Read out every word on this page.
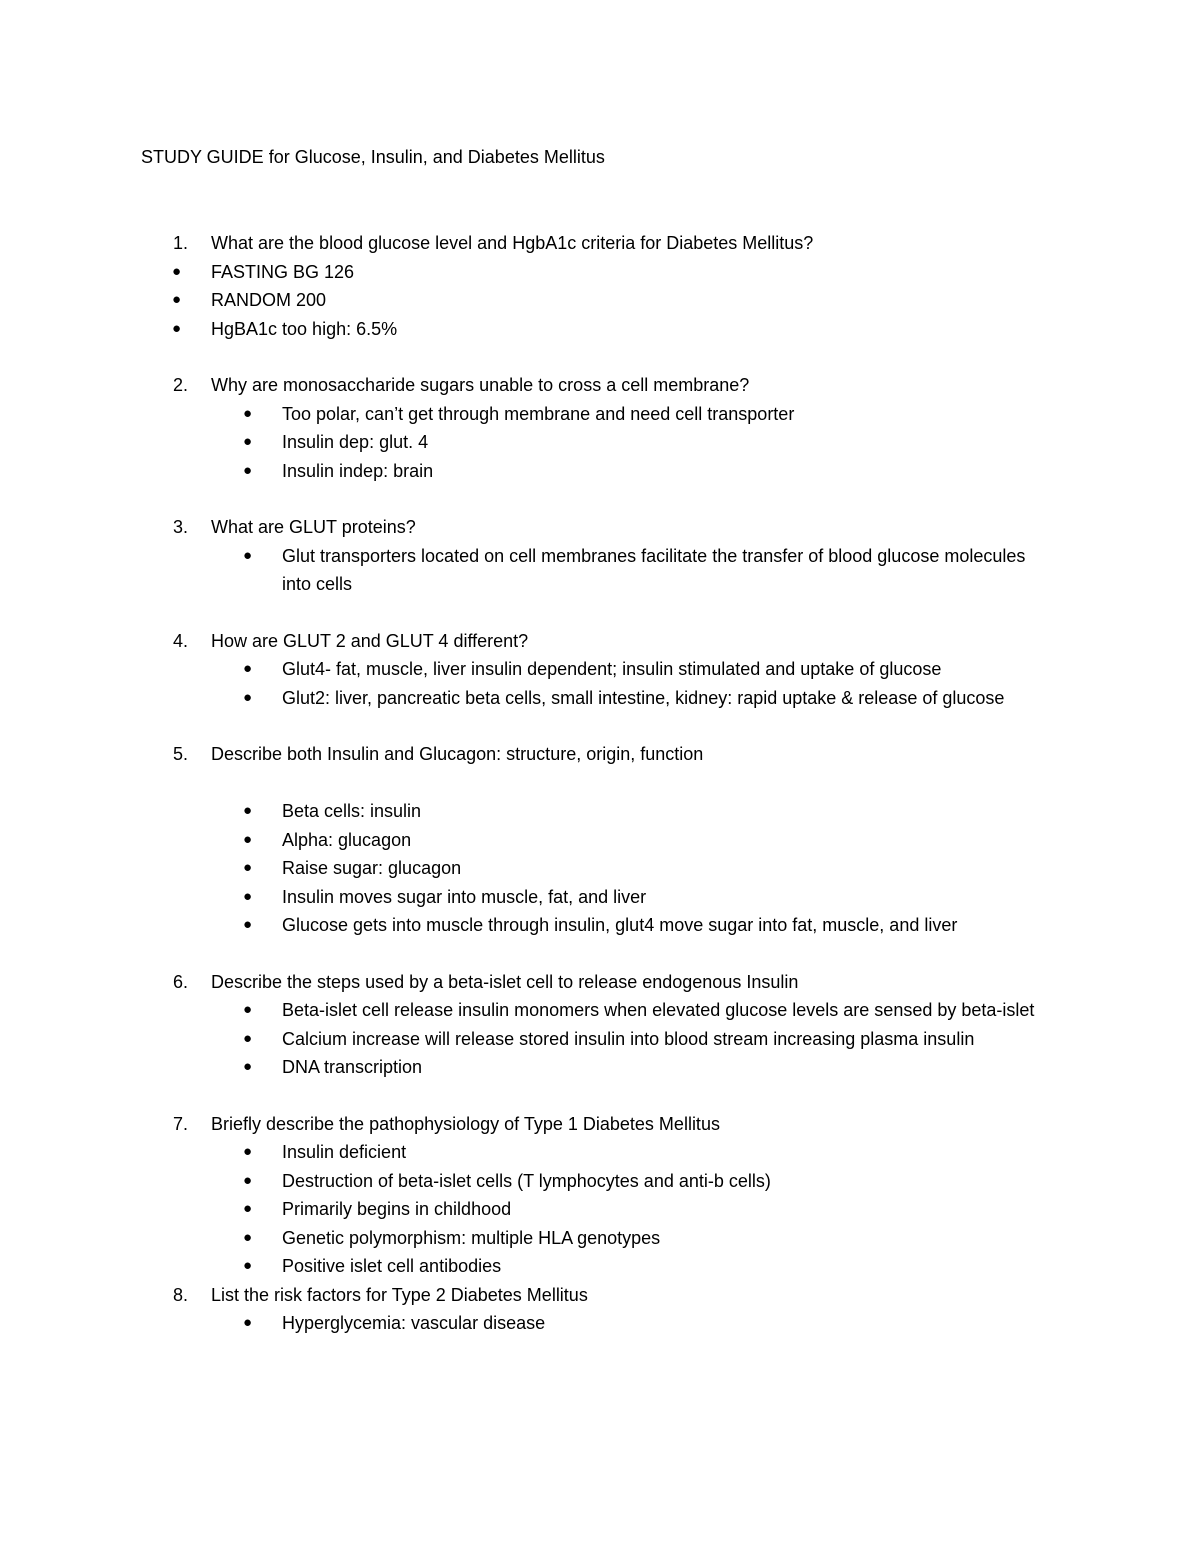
STUDY GUIDE for Glucose, Insulin, and Diabetes Mellitus
1. What are the blood glucose level and HgbA1c criteria for Diabetes Mellitus?
● FASTING BG 126
● RANDOM 200
● HgBA1c too high: 6.5%
2. Why are monosaccharide sugars unable to cross a cell membrane?
● Too polar, can’t get through membrane and need cell transporter
● Insulin dep: glut. 4
● Insulin indep: brain
3. What are GLUT proteins?
● Glut transporters located on cell membranes facilitate the transfer of blood glucose molecules into cells
4. How are GLUT 2 and GLUT 4 different?
● Glut4- fat, muscle, liver insulin dependent; insulin stimulated and uptake of glucose
● Glut2: liver, pancreatic beta cells, small intestine, kidney: rapid uptake & release of glucose
5. Describe both Insulin and Glucagon: structure, origin, function
● Beta cells: insulin
● Alpha: glucagon
● Raise sugar: glucagon
● Insulin moves sugar into muscle, fat, and liver
● Glucose gets into muscle through insulin, glut4 move sugar into fat, muscle, and liver
6. Describe the steps used by a beta-islet cell to release endogenous Insulin
● Beta-islet cell release insulin monomers when elevated glucose levels are sensed by beta-islet
● Calcium increase will release stored insulin into blood stream increasing plasma insulin
● DNA transcription
7. Briefly describe the pathophysiology of Type 1 Diabetes Mellitus
● Insulin deficient
● Destruction of beta-islet cells (T lymphocytes and anti-b cells)
● Primarily begins in childhood
● Genetic polymorphism: multiple HLA genotypes
● Positive islet cell antibodies
8. List the risk factors for Type 2 Diabetes Mellitus
● Hyperglycemia: vascular disease
